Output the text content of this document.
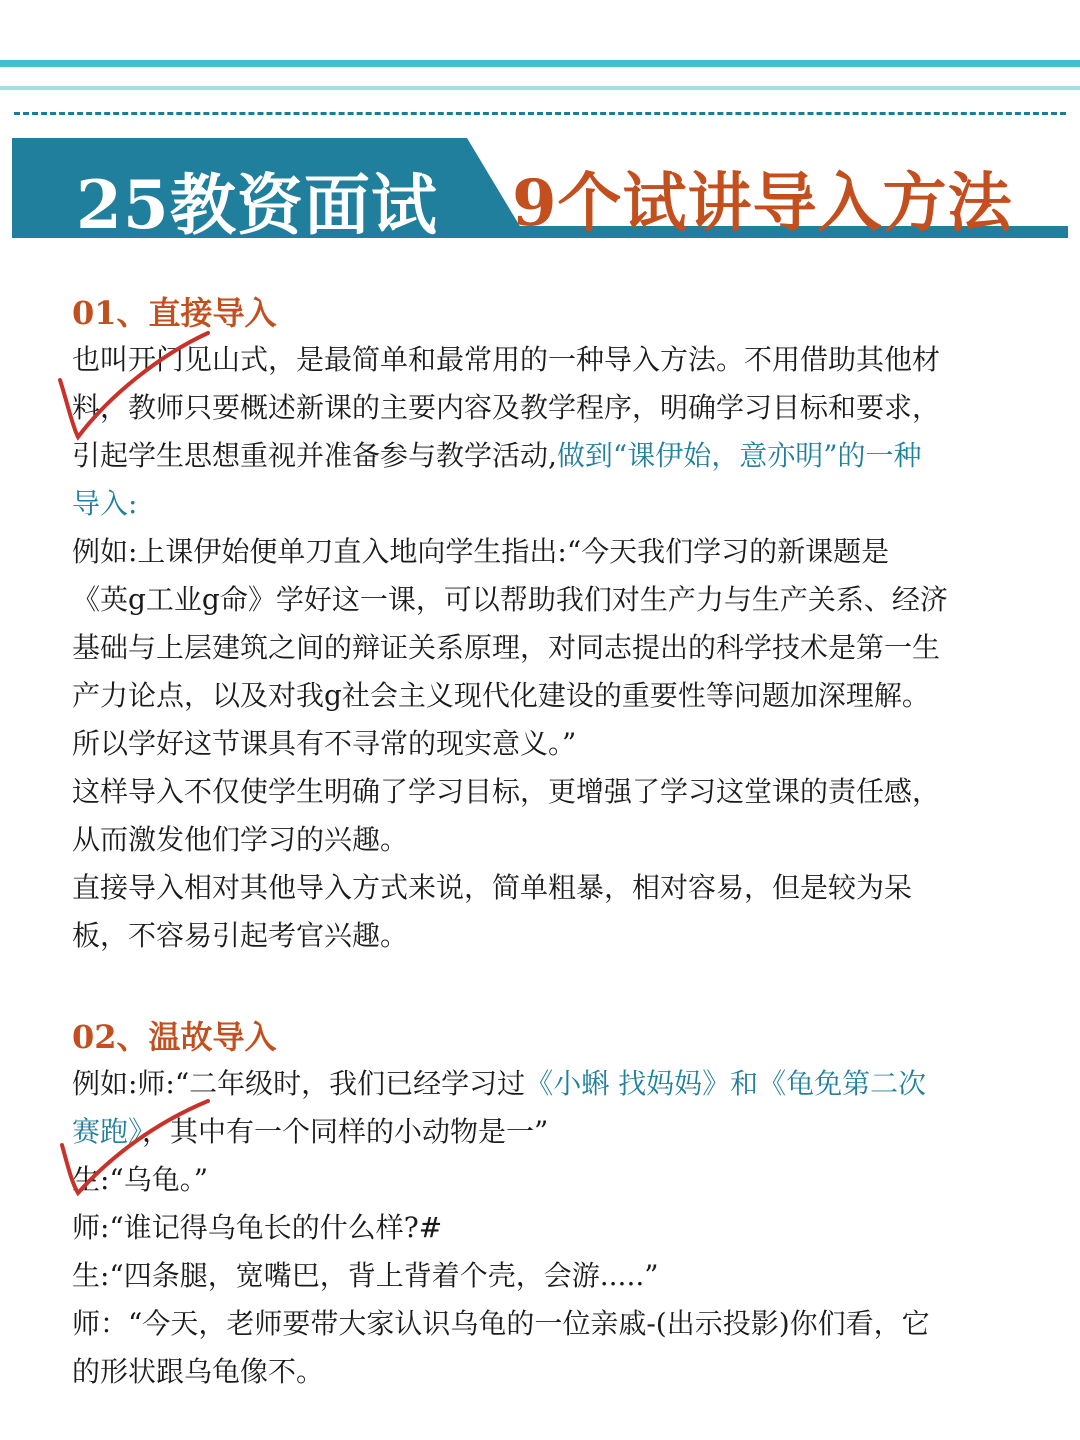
25教资面试 9个试讲导入方法
01、直接导入
也叫开门见山式，是最简单和最常用的一种导入方法。不用借助其他材
料，教师只要概述新课的主要内容及教学程序，明确学习目标和要求，
引起学生思想重视并准备参与教学活动,做到“课伊始，意亦明”的一种
导入:
例如:上课伊始便单刀直入地向学生指出:“今天我们学习的新课题是
《英g工业g命》学好这一课，可以帮助我们对生产力与生产关系、经济
基础与上层建筑之间的辩证关系原理，对同志提出的科学技术是第一生
产力论点，以及对我g社会主义现代化建设的重要性等问题加深理解。
所以学好这节课具有不寻常的现实意义。”
这样导入不仅使学生明确了学习目标，更增强了学习这堂课的责任感，
从而激发他们学习的兴趣。
直接导入相对其他导入方式来说，简单粗暴，相对容易，但是较为呆
板，不容易引起考官兴趣。
02、温故导入
例如:师:“二年级时，我们已经学习过《小蝌 找妈妈》和《龟免第二次
赛跑》，其中有一个同样的小动物是一”
生:“乌龟。”
师:“谁记得乌龟长的什么样?#
生:“四条腿，宽嘴巴，背上背着个壳，会游.....”
师：“今天，老师要带大家认识乌龟的一位亲戚-(出示投影)你们看，它
的形状跟乌龟像不。
